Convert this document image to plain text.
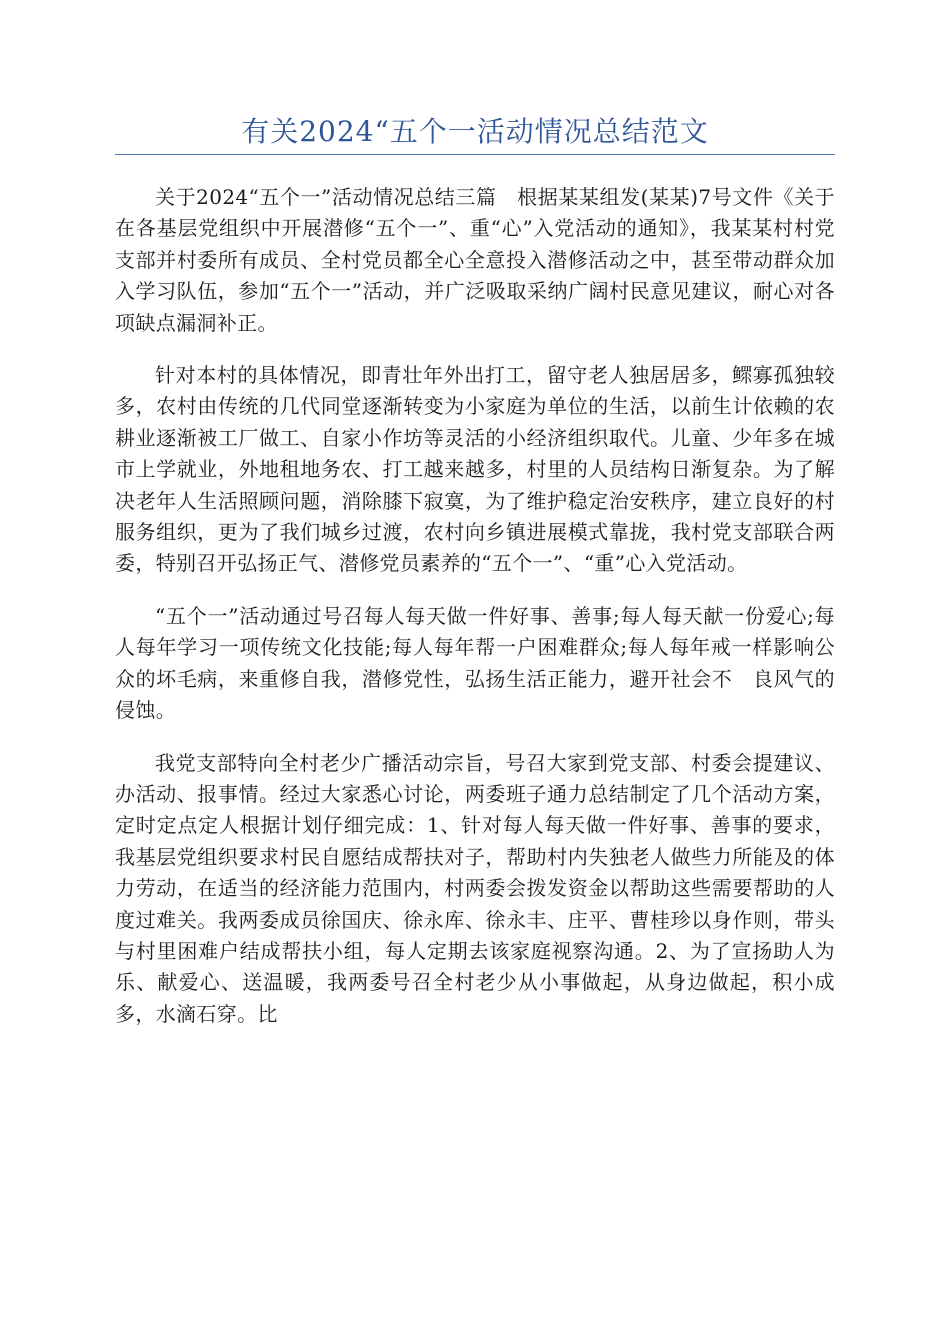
有关2024“五个一活动情况总结范文

关于2024“五个一”活动情况总结三篇　根据某某组发(某某)7号文件《关于在各基层党组织中开展潜修“五个一”、重“心”入党活动的通知》，我某某村村党支部并村委所有成员、全村党员都全心全意投入潜修活动之中，甚至带动群众加入学习队伍，参加“五个一”活动，并广泛吸取采纳广阔村民意见建议，耐心对各项缺点漏洞补正。

针对本村的具体情况，即青壮年外出打工，留守老人独居居多，鳏寡孤独较多，农村由传统的几代同堂逐渐转变为小家庭为单位的生活，以前生计依赖的农耕业逐渐被工厂做工、自家小作坊等灵活的小经济组织取代。儿童、少年多在城市上学就业，外地租地务农、打工越来越多，村里的人员结构日渐复杂。为了解决老年人生活照顾问题，消除膝下寂寞，为了维护稳定治安秩序，建立良好的村服务组织，更为了我们城乡过渡，农村向乡镇进展模式靠拢，我村党支部联合两委，特别召开弘扬正气、潜修党员素养的“五个一”、“重”心入党活动。

“五个一”活动通过号召每人每天做一件好事、善事;每人每天献一份爱心;每人每年学习一项传统文化技能;每人每年帮一户困难群众;每人每年戒一样影响公众的坏毛病，来重修自我，潜修党性，弘扬生活正能力，避开社会不　良风气的侵蚀。

我党支部特向全村老少广播活动宗旨，号召大家到党支部、村委会提建议、办活动、报事情。经过大家悉心讨论，两委班子通力总结制定了几个活动方案，定时定点定人根据计划仔细完成：1、针对每人每天做一件好事、善事的要求，我基层党组织要求村民自愿结成帮扶对子，帮助村内失独老人做些力所能及的体力劳动，在适当的经济能力范围内，村两委会拨发资金以帮助这些需要帮助的人度过难关。我两委成员徐国庆、徐永库、徐永丰、庄平、曹桂珍以身作则，带头与村里困难户结成帮扶小组，每人定期去该家庭视察沟通。2、为了宣扬助人为乐、献爱心、送温暖，我两委号召全村老少从小事做起，从身边做起，积小成多，水滴石穿。比
